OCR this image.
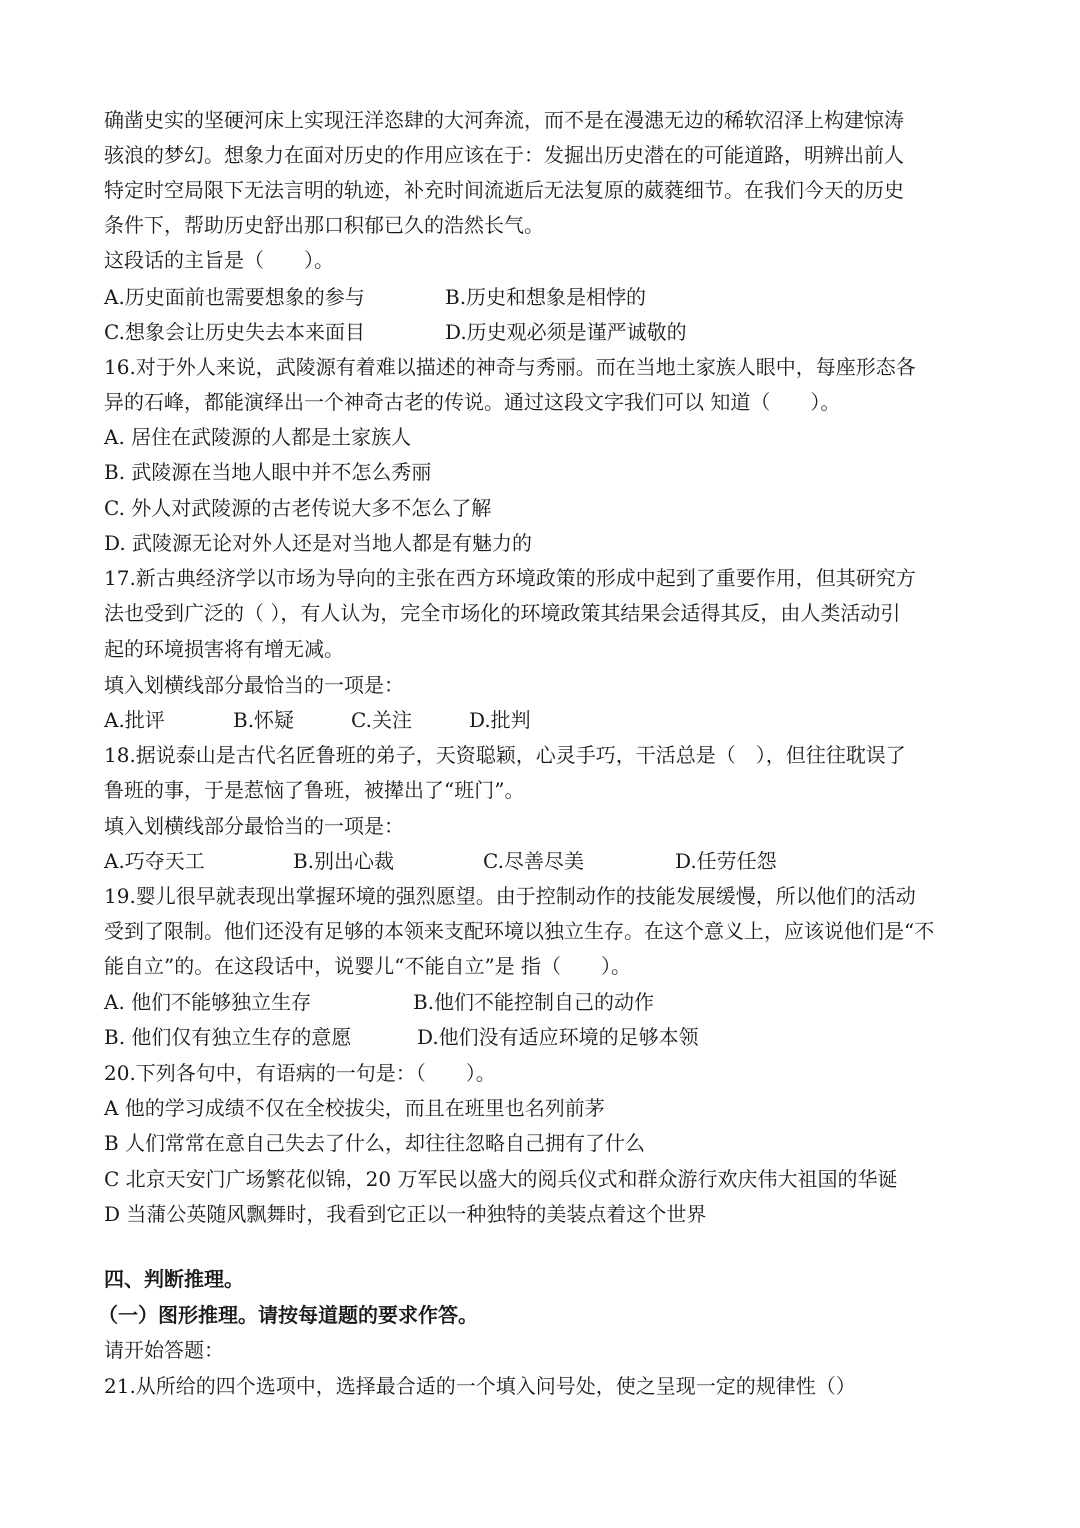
确凿史实的坚硬河床上实现汪洋恣肆的大河奔流，而不是在漫漶无边的稀软沼泽上构建惊涛
骇浪的梦幻。想象力在面对历史的作用应该在于：发掘出历史潜在的可能道路，明辨出前人
特定时空局限下无法言明的轨迹，补充时间流逝后无法复原的葳蕤细节。在我们今天的历史
条件下，帮助历史舒出那口积郁已久的浩然长气。
这段话的主旨是（　　）。
A.历史面前也需要想象的参与	B.历史和想象是相悖的
C.想象会让历史失去本来面目	D.历史观必须是谨严诚敬的
16.对于外人来说，武陵源有着难以描述的神奇与秀丽。而在当地土家族人眼中，每座形态各
异的石峰，都能演绎出一个神奇古老的传说。通过这段文字我们可以 知道（　　）。
A. 居住在武陵源的人都是土家族人
B. 武陵源在当地人眼中并不怎么秀丽
C. 外人对武陵源的古老传说大多不怎么了解
D. 武陵源无论对外人还是对当地人都是有魅力的
17.新古典经济学以市场为导向的主张在西方环境政策的形成中起到了重要作用，但其研究方
法也受到广泛的（ ），有人认为，完全市场化的环境政策其结果会适得其反，由人类活动引
起的环境损害将有增无减。
填入划横线部分最恰当的一项是：
A.批评	B.怀疑	C.关注	D.批判
18.据说泰山是古代名匠鲁班的弟子，天资聪颖，心灵手巧，干活总是（　），但往往耽误了
鲁班的事，于是惹恼了鲁班，被撵出了“班门”。
填入划横线部分最恰当的一项是：
A.巧夺天工	B.别出心裁	C.尽善尽美	D.任劳任怨
19.婴儿很早就表现出掌握环境的强烈愿望。由于控制动作的技能发展缓慢，所以他们的活动
受到了限制。他们还没有足够的本领来支配环境以独立生存。在这个意义上，应该说他们是“不
能自立”的。在这段话中，说婴儿“不能自立”是 指（　　）。
A. 他们不能够独立生存	B.他们不能控制自己的动作
B. 他们仅有独立生存的意愿	D.他们没有适应环境的足够本领
20.下列各句中，有语病的一句是：（　　）。
A 他的学习成绩不仅在全校拔尖，而且在班里也名列前茅
B 人们常常在意自己失去了什么，却往往忽略自己拥有了什么
C 北京天安门广场繁花似锦，20 万军民以盛大的阅兵仪式和群众游行欢庆伟大祖国的华诞
D 当蒲公英随风飘舞时，我看到它正以一种独特的美装点着这个世界
四、判断推理。
（一）图形推理。请按每道题的要求作答。
请开始答题：
21.从所给的四个选项中，选择最合适的一个填入问号处，使之呈现一定的规律性（）
